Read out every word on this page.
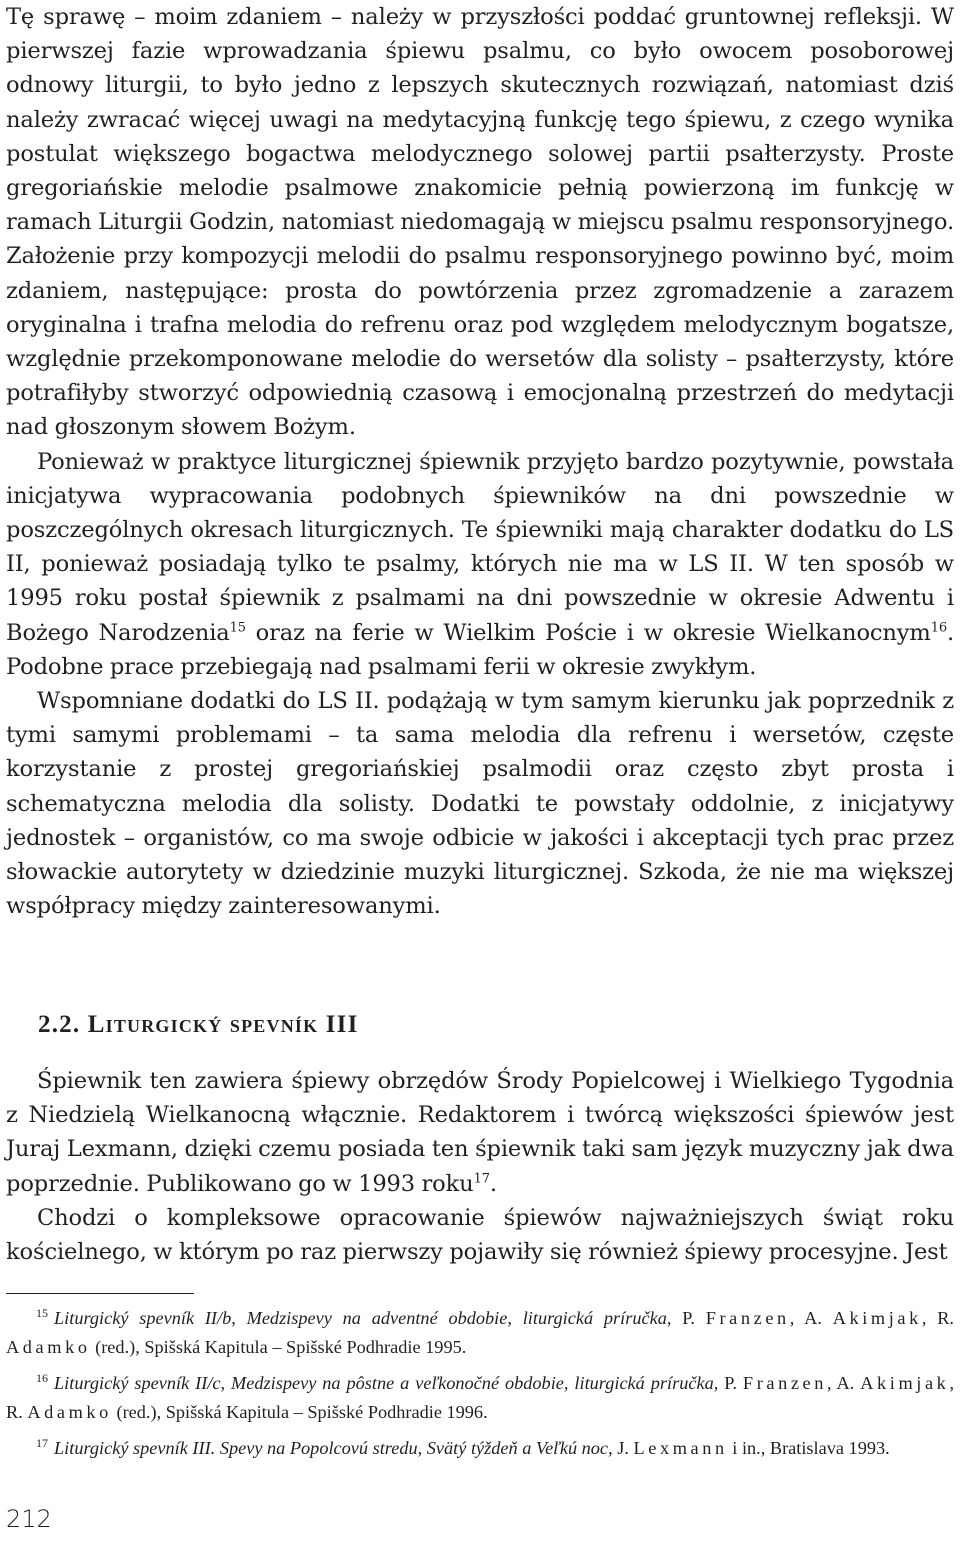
Tę sprawę – moim zdaniem – należy w przyszłości poddać gruntownej refleksji. W pierwszej fazie wprowadzania śpiewu psalmu, co było owocem posoborowej odnowy liturgii, to było jedno z lepszych skutecznych rozwiązań, natomiast dziś należy zwracać więcej uwagi na medytacyjną funkcję tego śpiewu, z czego wynika postulat większego bogactwa melodycznego solowej partii psałterzysty. Proste gregoriańskie melodie psalmowe znakomicie pełnią powierzoną im funkcję w ramach Liturgii Godzin, natomiast niedomagają w miejscu psalmu responsoryjnego. Założenie przy kompozycji melodii do psalmu responsoryjnego powinno być, moim zdaniem, następujące: prosta do powtórzenia przez zgromadzenie a zarazem oryginalna i trafna melodia do refrenu oraz pod względem melodycznym bogatsze, względnie przekomponowane melodie do wersetów dla solisty – psałterzysty, które potrafiłyby stworzyć odpowiednią czasową i emocjonalną przestrzeń do medytacji nad głoszonym słowem Bożym.

Ponieważ w praktyce liturgicznej śpiewnik przyjęto bardzo pozytywnie, powstała inicjatywa wypracowania podobnych śpiewników na dni powszednie w poszczególnych okresach liturgicznych. Te śpiewniki mają charakter dodatku do LS II, ponieważ posiadają tylko te psalmy, których nie ma w LS II. W ten sposób w 1995 roku postał śpiewnik z psalmami na dni powszednie w okresie Adwentu i Bożego Narodzenia$^{15}$ oraz na ferie w Wielkim Poście i w okresie Wielkanocnym$^{16}$. Podobne prace przebiegają nad psalmami ferii w okresie zwykłym.

Wspomniane dodatki do LS II. podążają w tym samym kierunku jak poprzednik z tymi samymi problemami – ta sama melodia dla refrenu i wersetów, częste korzystanie z prostej gregoriańskiej psalmodii oraz często zbyt prosta i schematyczna melodia dla solisty. Dodatki te powstały oddolnie, z inicjatywy jednostek – organistów, co ma swoje odbicie w jakości i akceptacji tych prac przez słowackie autorytety w dziedzinie muzyki liturgicznej. Szkoda, że nie ma większej współpracy między zainteresowanymi.

2.2. Liturgický spevník III

Śpiewnik ten zawiera śpiewy obrzędów Środy Popielcowej i Wielkiego Tygodnia z Niedzielą Wielkanocną włącznie. Redaktorem i twórcą większości śpiewów jest Juraj Lexmann, dzięki czemu posiada ten śpiewnik taki sam język muzyczny jak dwa poprzednie. Publikowano go w 1993 roku$^{17}$.

Chodzi o kompleksowe opracowanie śpiewów najważniejszych świąt roku kościelnego, w którym po raz pierwszy pojawiły się również śpiewy procesyjne. Jest

$^{15}$ Liturgický spevník II/b, Medzispevy na adventné obdobie, liturgická príručka, P. Franzen, A. Akimjak, R. Adamko (red.), Spišská Kapitula – Spišské Podhradie 1995.

$^{16}$ Liturgický spevník II/c, Medzispevy na pôstne a veľkonočné obdobie, liturgická príručka, P. Franzen, A. Akimjak, R. Adamko (red.), Spišská Kapitula – Spišské Podhradie 1996.

$^{17}$ Liturgický spevník III. Spevy na Popolcovú stredu, Svätý týždeň a Veľkú noc, J. Lexmann i in., Bratislava 1993.

212
